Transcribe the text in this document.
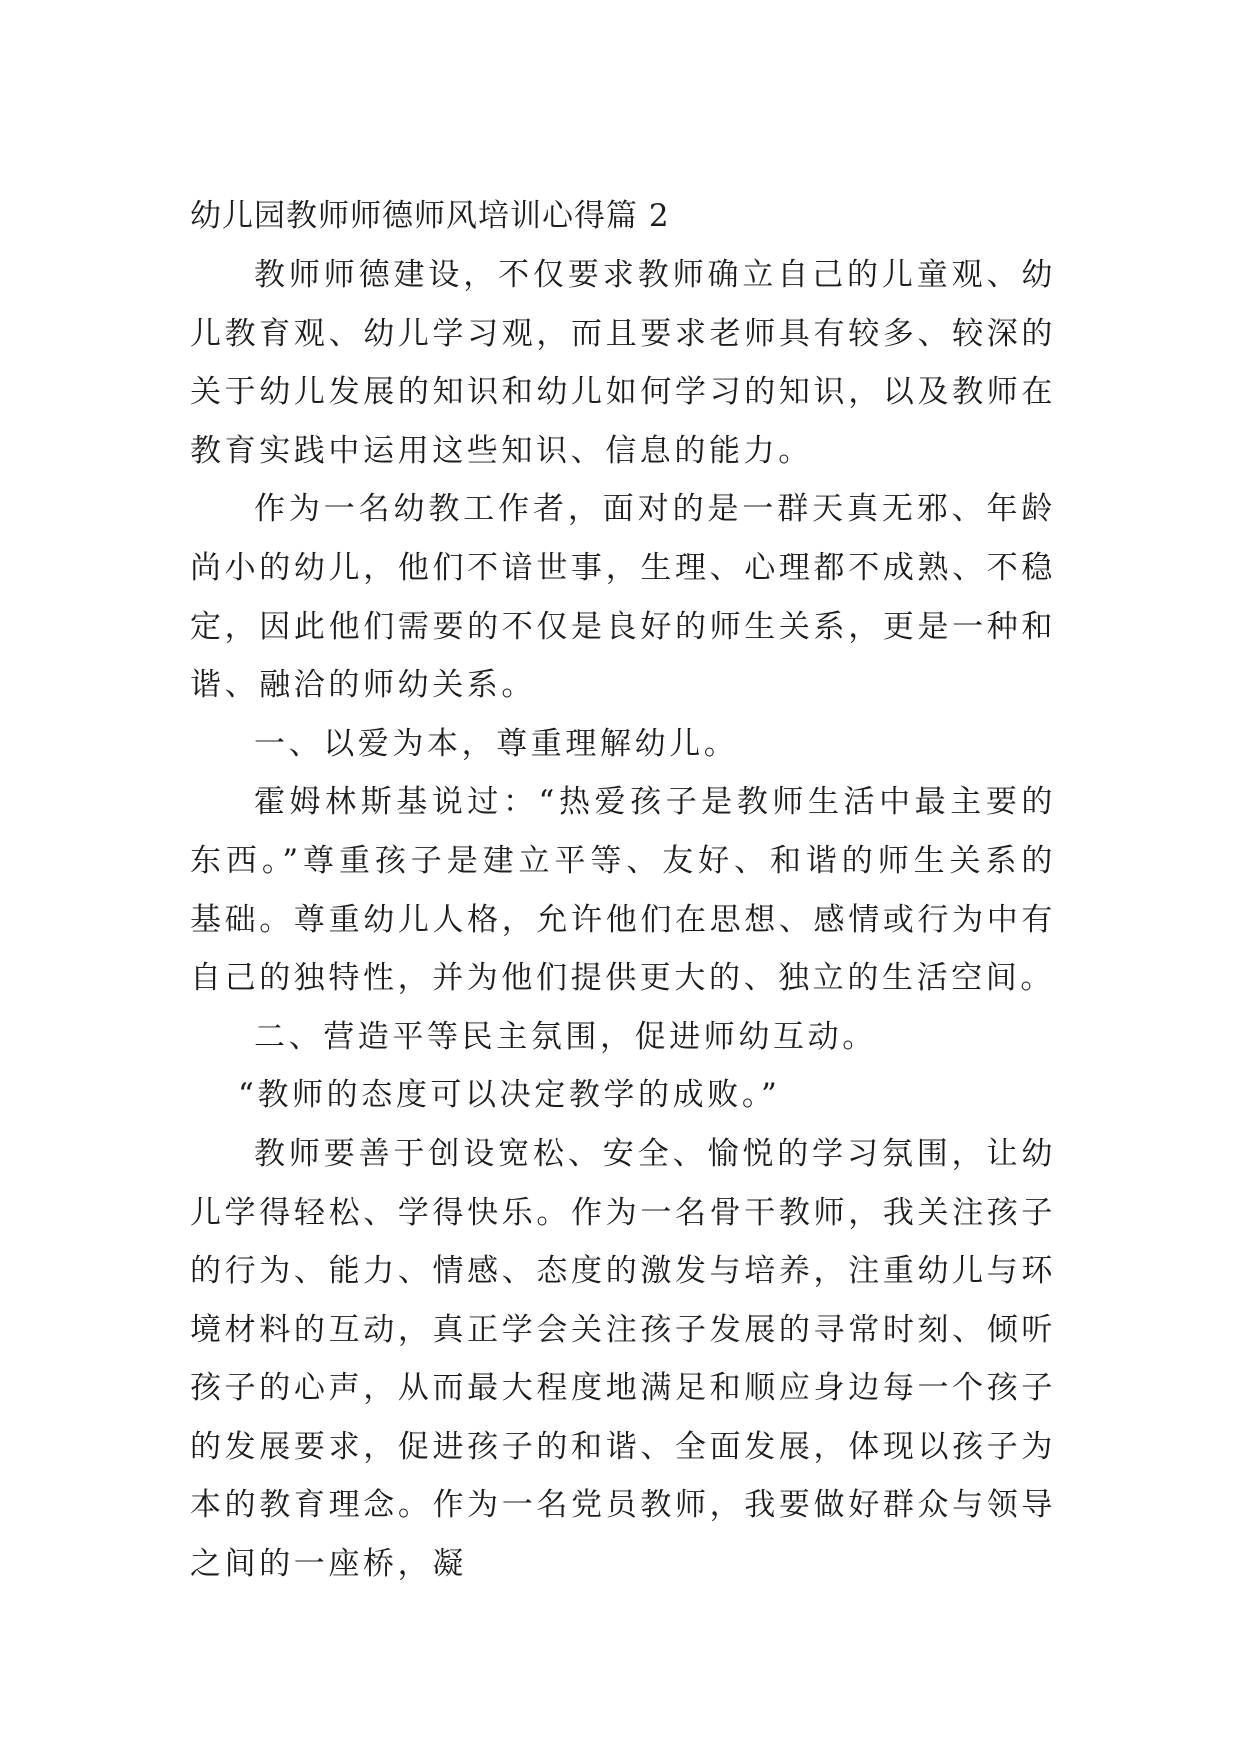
幼儿园教师师德师风培训心得篇 2

教师师德建设，不仅要求教师确立自己的儿童观、幼儿教育观、幼儿学习观，而且要求老师具有较多、较深的关于幼儿发展的知识和幼儿如何学习的知识，以及教师在教育实践中运用这些知识、信息的能力。

作为一名幼教工作者，面对的是一群天真无邪、年龄尚小的幼儿，他们不谙世事，生理、心理都不成熟、不稳定，因此他们需要的不仅是良好的师生关系，更是一种和谐、融洽的师幼关系。

一、以爱为本，尊重理解幼儿。

霍姆林斯基说过：“热爱孩子是教师生活中最主要的东西。”尊重孩子是建立平等、友好、和谐的师生关系的基础。尊重幼儿人格，允许他们在思想、感情或行为中有自己的独特性，并为他们提供更大的、独立的生活空间。

二、营造平等民主氛围，促进师幼互动。

“教师的态度可以决定教学的成败。”

教师要善于创设宽松、安全、愉悦的学习氛围，让幼儿学得轻松、学得快乐。作为一名骨干教师，我关注孩子的行为、能力、情感、态度的激发与培养，注重幼儿与环境材料的互动，真正学会关注孩子发展的寻常时刻、倾听孩子的心声，从而最大程度地满足和顺应身边每一个孩子的发展要求，促进孩子的和谐、全面发展，体现以孩子为本的教育理念。作为一名党员教师，我要做好群众与领导之间的一座桥，凝
